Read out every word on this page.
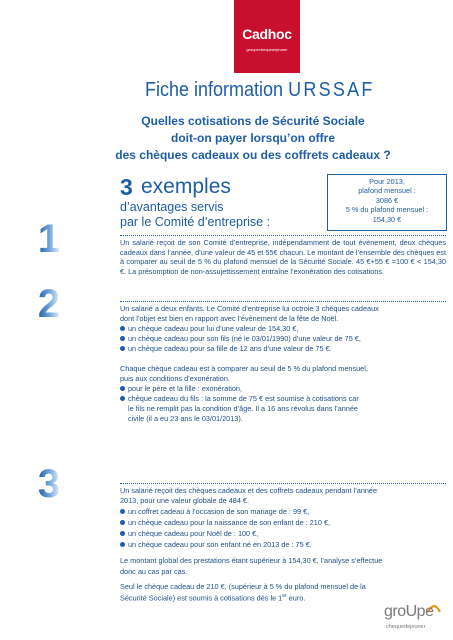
Cadhoc
groupechequedejeuner
Fiche information URSSAF
Quelles cotisations de Sécurité Sociale
doit-on payer lorsqu’on offre
des chèques cadeaux ou des coffrets cadeaux ?
3 exemples
d’avantages servis
par le Comité d’entreprise :
Pour 2013,
plafond mensuel :
3086 €
5 % du plafond mensuel :
154,30 €
1
2
3
Un salarié reçoit de son Comité d’entreprise, indépendamment de tout évènement, deux chèques cadeaux dans l’année, d’une valeur de 45 et 55€ chacun. Le montant de l’ensemble des chèques est à comparer au seuil de 5 % du plafond mensuel de la Sécurité Sociale. 45 €+55 € =100 € < 154,30 €. La présomption de non-assujettissement entraîne l’exonération des cotisations.
Un salarié a deux enfants. Le Comité d’entreprise lui octroie 3 chèques cadeaux
dont l’objet est bien en rapport avec l’évènement de la fête de Noël.
un chèque cadeau pour lui d’une valeur de 154,30 €,
un chèque cadeau pour son fils (né le 03/01/1990) d’une valeur de 75 €,
un chèque cadeau pour sa fille de 12 ans d’une valeur de 75 €.
Chaque chèque cadeau est à comparer au seuil de 5 % du plafond mensuel,
puis aux conditions d’exonération.
pour le père et la fille : exonération,
chèque cadeau du fils : la somme de 75 € est soumise à cotisations car
le fils ne remplit pas la condition d’âge. Il a 16 ans révolus dans l’année
civile (il a eu 23 ans le 03/01/2013).
Un salarié reçoit des chèques cadeaux et des coffrets cadeaux pendant l’année
2013, pour une valeur globale de 484 €.
un coffret cadeau à l’occasion de son mariage de : 99 €,
un chèque cadeau pour la naissance de son enfant de : 210 €,
un chèque cadeau pour Noël de : 100 €,
un chèque cadeau pour son enfant né en 2013 de : 75 €.
Le montant global des prestations étant supérieur à 154,30 €, l’analyse s’effectue
donc au cas par cas.
Seul le chèque cadeau de 210 €, (supérieur à 5 % du plafond mensuel de la
Sécurité Sociale) est soumis à cotisations dès le 1er euro.
groUpe
chequedejeuner
